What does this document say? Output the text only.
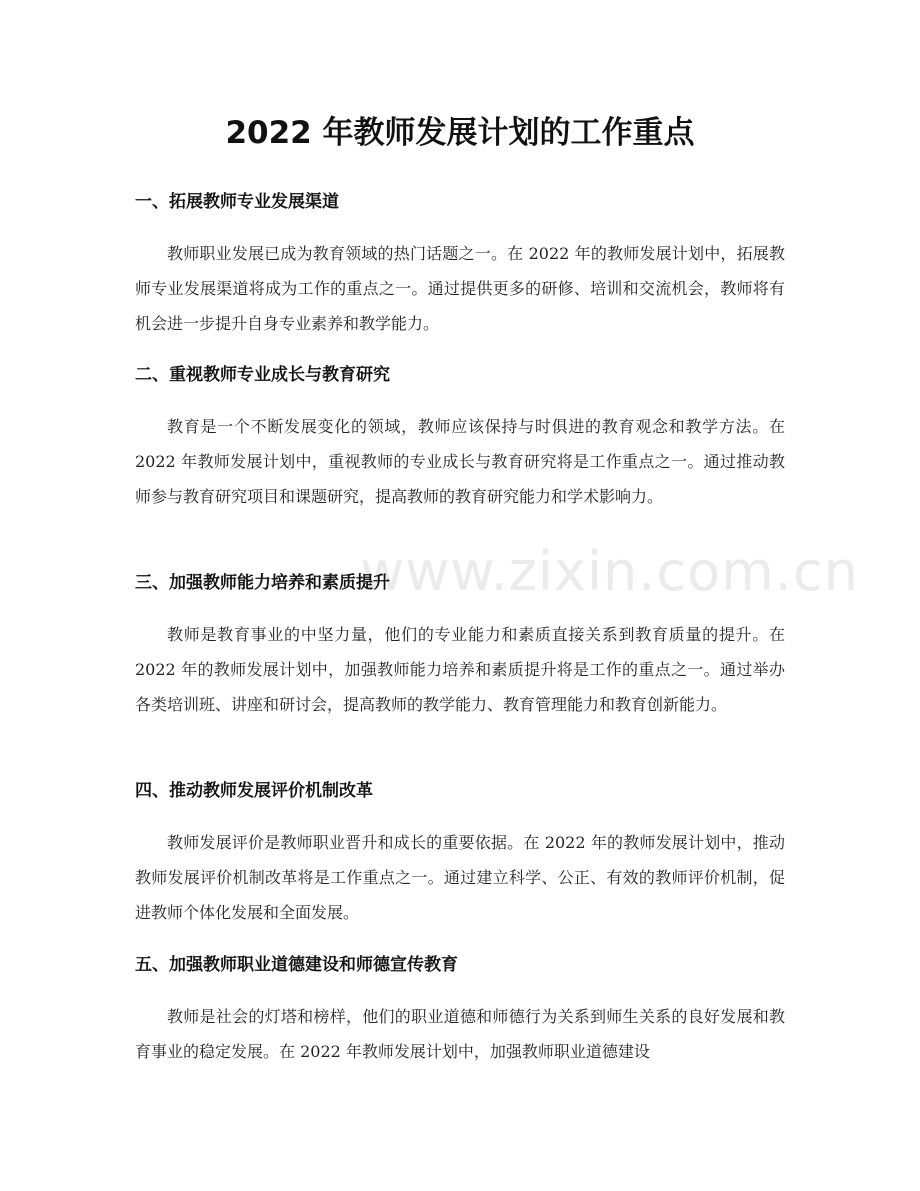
www.zixin.com.cn
2022 年教师发展计划的工作重点
一、拓展教师专业发展渠道

教师职业发展已成为教育领域的热门话题之一。在 2022 年的教师发展计划中，拓展教师专业发展渠道将成为工作的重点之一。通过提供更多的研修、培训和交流机会，教师将有机会进一步提升自身专业素养和教学能力。

二、重视教师专业成长与教育研究

教育是一个不断发展变化的领域，教师应该保持与时俱进的教育观念和教学方法。在 2022 年教师发展计划中，重视教师的专业成长与教育研究将是工作重点之一。通过推动教师参与教育研究项目和课题研究，提高教师的教育研究能力和学术影响力。

三、加强教师能力培养和素质提升

教师是教育事业的中坚力量，他们的专业能力和素质直接关系到教育质量的提升。在 2022 年的教师发展计划中，加强教师能力培养和素质提升将是工作的重点之一。通过举办各类培训班、讲座和研讨会，提高教师的教学能力、教育管理能力和教育创新能力。

四、推动教师发展评价机制改革

教师发展评价是教师职业晋升和成长的重要依据。在 2022 年的教师发展计划中，推动教师发展评价机制改革将是工作重点之一。通过建立科学、公正、有效的教师评价机制，促进教师个体化发展和全面发展。

五、加强教师职业道德建设和师德宣传教育

教师是社会的灯塔和榜样，他们的职业道德和师德行为关系到师生关系的良好发展和教育事业的稳定发展。在 2022 年教师发展计划中，加强教师职业道德建设
